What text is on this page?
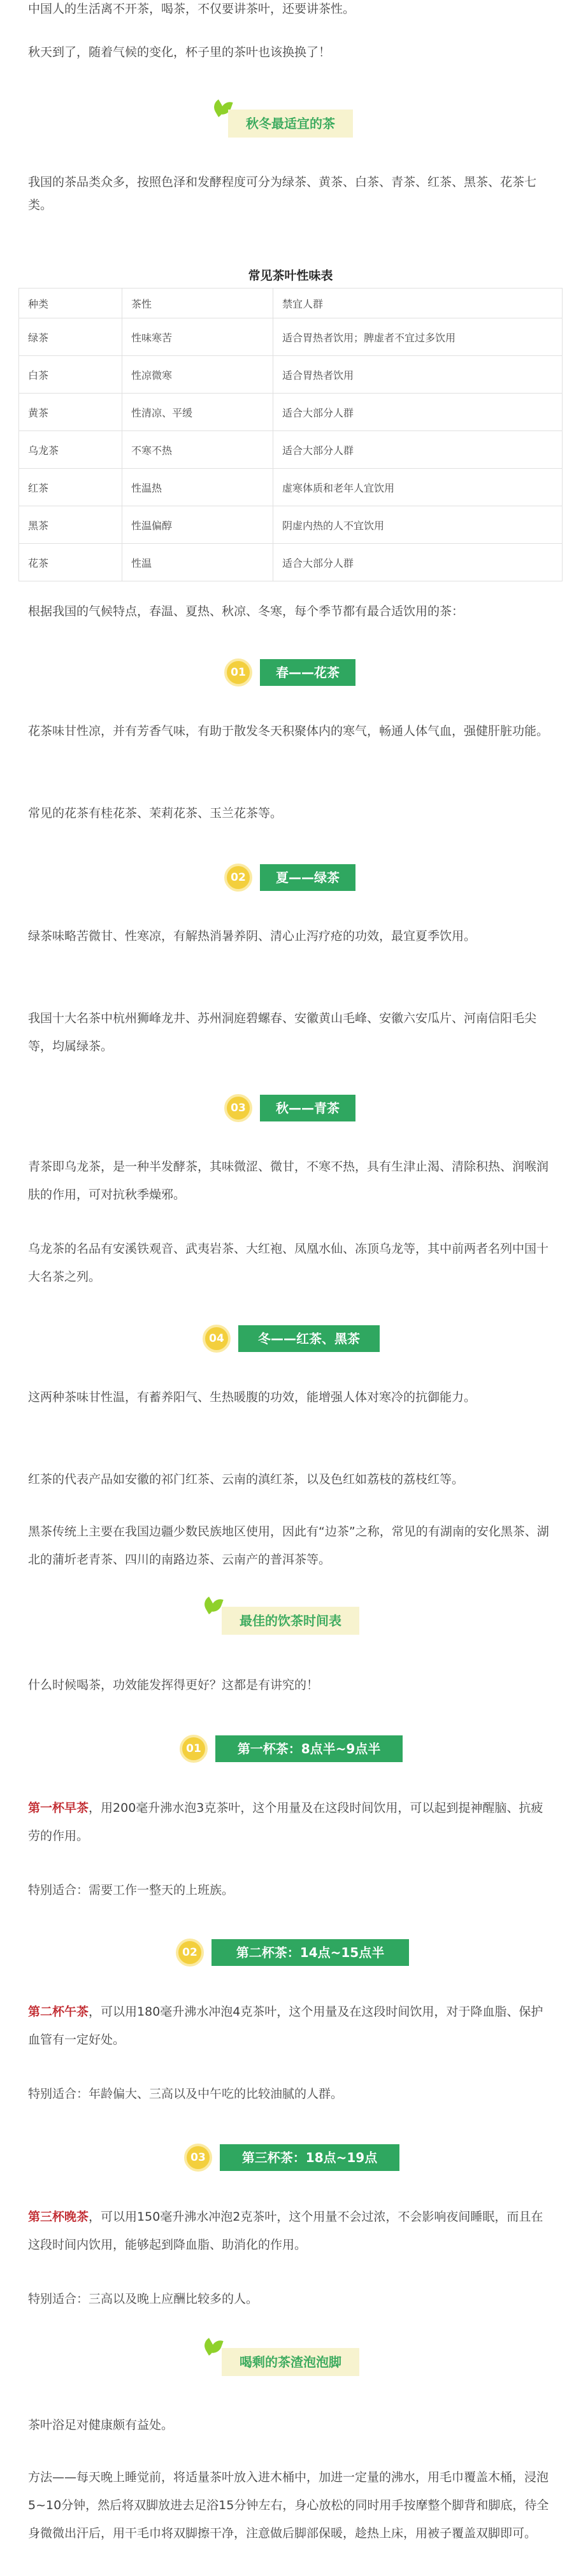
中国人的生活离不开茶，喝茶，不仅要讲茶叶，还要讲茶性。

秋天到了，随着气候的变化，杯子里的茶叶也该换换了！

秋冬最适宜的茶

我国的茶品类众多，按照色泽和发酵程度可分为绿茶、黄茶、白茶、青茶、红茶、黑茶、花茶七类。

常见茶叶性味表
种类	茶性	禁宜人群
绿茶	性味寒苦	适合胃热者饮用；脾虚者不宜过多饮用
白茶	性凉微寒	适合胃热者饮用
黄茶	性清凉、平缓	适合大部分人群
乌龙茶	不寒不热	适合大部分人群
红茶	性温热	虚寒体质和老年人宜饮用
黑茶	性温偏醇	阴虚内热的人不宜饮用
花茶	性温	适合大部分人群

根据我国的气候特点，春温、夏热、秋凉、冬寒，每个季节都有最合适饮用的茶：

01	春——花茶

花茶味甘性凉，并有芳香气味，有助于散发冬天积聚体内的寒气，畅通人体气血，强健肝脏功能。

常见的花茶有桂花茶、茉莉花茶、玉兰花茶等。

02	夏——绿茶

绿茶味略苦微甘、性寒凉，有解热消暑养阴、清心止泻疗疮的功效，最宜夏季饮用。

我国十大名茶中杭州狮峰龙井、苏州洞庭碧螺春、安徽黄山毛峰、安徽六安瓜片、河南信阳毛尖等，均属绿茶。

03	秋——青茶

青茶即乌龙茶，是一种半发酵茶，其味微涩、微甘，不寒不热，具有生津止渴、清除积热、润喉润肤的作用，可对抗秋季燥邪。

乌龙茶的名品有安溪铁观音、武夷岩茶、大红袍、凤凰水仙、冻顶乌龙等，其中前两者名列中国十大名茶之列。

04	冬——红茶、黑茶

这两种茶味甘性温，有蓄养阳气、生热暖腹的功效，能增强人体对寒冷的抗御能力。

红茶的代表产品如安徽的祁门红茶、云南的滇红茶，以及色红如荔枝的荔枝红等。

黑茶传统上主要在我国边疆少数民族地区使用，因此有“边茶”之称，常见的有湖南的安化黑茶、湖北的蒲圻老青茶、四川的南路边茶、云南产的普洱茶等。

最佳的饮茶时间表

什么时候喝茶，功效能发挥得更好？这都是有讲究的！

01	第一杯茶：8点半~9点半

第一杯早茶，用200毫升沸水泡3克茶叶，这个用量及在这段时间饮用，可以起到提神醒脑、抗疲劳的作用。

特别适合：需要工作一整天的上班族。

02	第二杯茶：14点~15点半

第二杯午茶，可以用180毫升沸水冲泡4克茶叶，这个用量及在这段时间饮用，对于降血脂、保护血管有一定好处。

特别适合：年龄偏大、三高以及中午吃的比较油腻的人群。

03	第三杯茶：18点~19点

第三杯晚茶，可以用150毫升沸水冲泡2克茶叶，这个用量不会过浓，不会影响夜间睡眠，而且在这段时间内饮用，能够起到降血脂、助消化的作用。

特别适合：三高以及晚上应酬比较多的人。

喝剩的茶渣泡泡脚

茶叶浴足对健康颇有益处。

方法——每天晚上睡觉前，将适量茶叶放入进木桶中，加进一定量的沸水，用毛巾覆盖木桶，浸泡5~10分钟，然后将双脚放进去足浴15分钟左右，身心放松的同时用手按摩整个脚背和脚底，待全身微微出汗后，用干毛巾将双脚擦干净，注意做后脚部保暖，趁热上床，用被子覆盖双脚即可。
